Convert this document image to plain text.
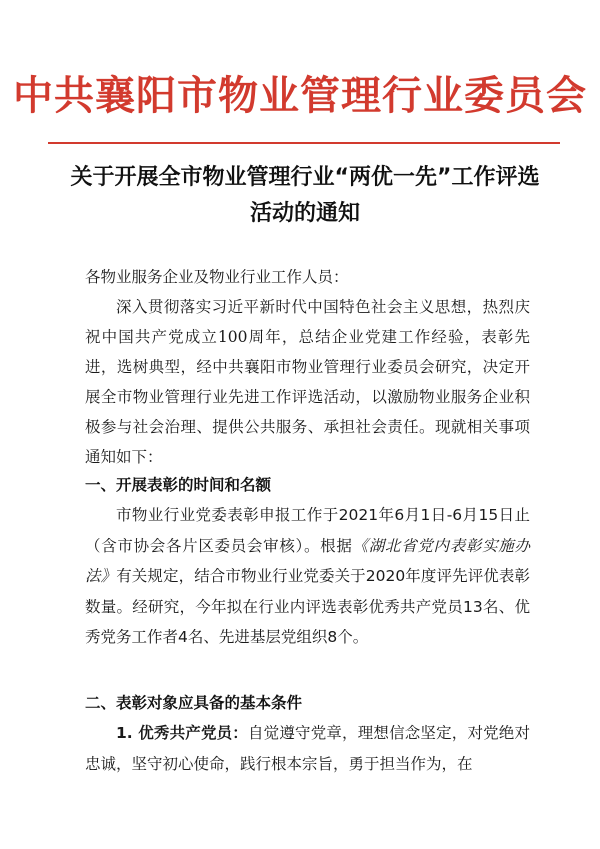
中共襄阳市物业管理行业委员会
关于开展全市物业管理行业“两优一先”工作评选活动的通知
各物业服务企业及物业行业工作人员：
深入贯彻落实习近平新时代中国特色社会主义思想，热烈庆祝中国共产党成立100周年，总结企业党建工作经验，表彰先进，选树典型，经中共襄阳市物业管理行业委员会研究，决定开展全市物业管理行业先进工作评选活动，以激励物业服务企业积极参与社会治理、提供公共服务、承担社会责任。现就相关事项通知如下：
一、开展表彰的时间和名额
市物业行业党委表彰申报工作于2021年6月1日-6月15日止（含市协会各片区委员会审核）。根据《湖北省党内表彰实施办法》有关规定，结合市物业行业党委关于2020年度评先评优表彰数量。经研究，今年拟在行业内评选表彰优秀共产党员13名、优秀党务工作者4名、先进基层党组织8个。
二、表彰对象应具备的基本条件
1. 优秀共产党员：自觉遵守党章，理想信念坚定，对党绝对忠诚，坚守初心使命，践行根本宗旨，勇于担当作为，在
